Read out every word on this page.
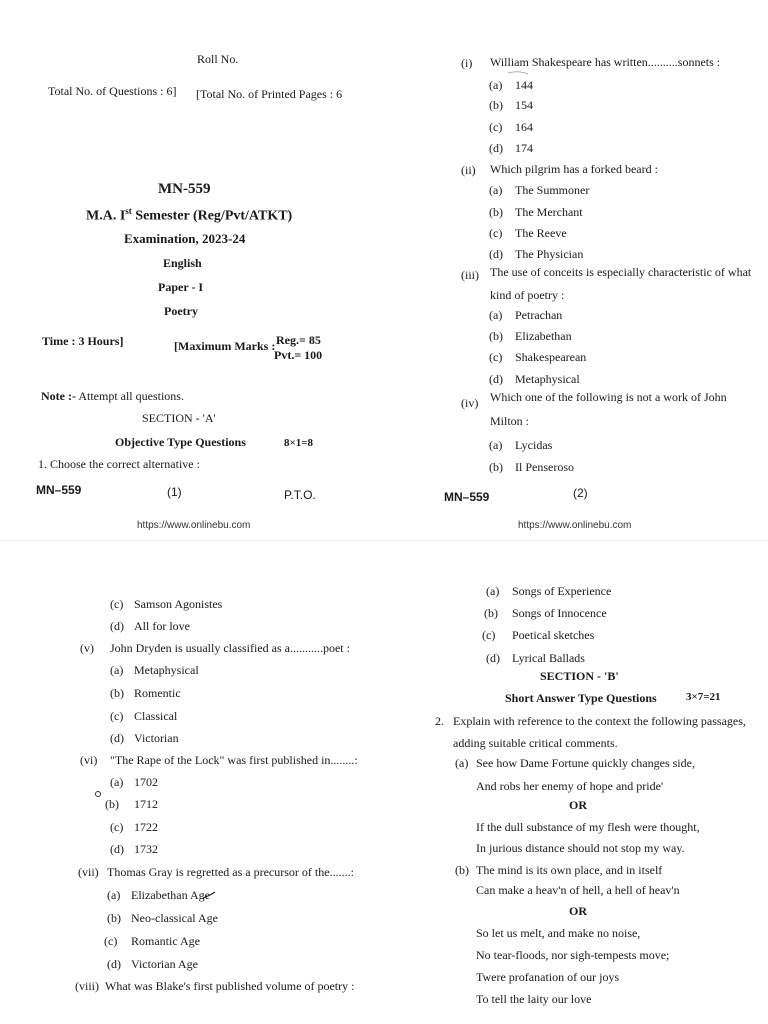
Roll No.
Total No. of Questions : 6] [Total No. of Printed Pages : 6
MN-559
M.A. Ist Semester (Reg/Pvt/ATKT)
Examination, 2023-24
English
Paper - I
Poetry
Time : 3 Hours]	[Maximum Marks : Reg.= 85
Pvt.= 100
Note :- Attempt all questions.
SECTION - 'A'
Objective Type Questions	8×1=8
1. Choose the correct alternative :
MN–559	(1)	P.T.O.
https://www.onlinebu.com
(i) William Shakespeare has written..........sonnets :
(a) 144
(b) 154
(c) 164
(d) 174
(ii) Which pilgrim has a forked beard :
(a) The Summoner
(b) The Merchant
(c) The Reeve
(d) The Physician
(iii) The use of conceits is especially characteristic of what
kind of poetry :
(a) Petrachan
(b) Elizabethan
(c) Shakespearean
(d) Metaphysical
(iv) Which one of the following is not a work of John
Milton :
(a) Lycidas
(b) Il Penseroso
MN–559	(2)
https://www.onlinebu.com
(c) Samson Agonistes
(d) All for love
(v) John Dryden is usually classified as a...........poet :
(a) Metaphysical
(b) Romentic
(c) Classical
(d) Victorian
(vi) "The Rape of the Lock" was first published in........:
(a) 1702
(b) 1712
(c) 1722
(d) 1732
(vii) Thomas Gray is regretted as a precursor of the.......:
(a) Elizabethan Age
(b) Neo-classical Age
(c) Romantic Age
(d) Victorian Age
(viii) What was Blake's first published volume of poetry :
(a) Songs of Experience
(b) Songs of Innocence
(c) Poetical sketches
(d) Lyrical Ballads
SECTION - 'B'
Short Answer Type Questions	3×7=21
2. Explain with reference to the context the following passages,
adding suitable critical comments.
(a) See how Dame Fortune quickly changes side,
And robs her enemy of hope and pride'
OR
If the dull substance of my flesh were thought,
In jurious distance should not stop my way.
(b) The mind is its own place, and in itself
Can make a heav'n of hell, a hell of heav'n
OR
So let us melt, and make no noise,
No tear-floods, nor sigh-tempests move;
Twere profanation of our joys
To tell the laity our love
